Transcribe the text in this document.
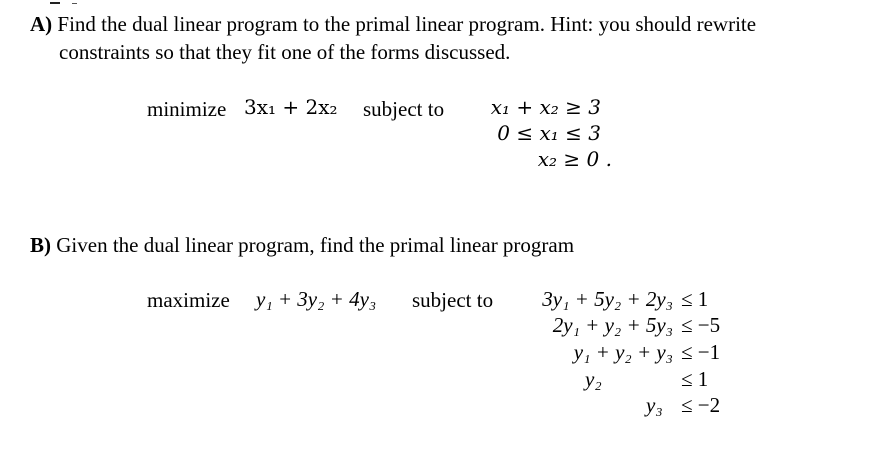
A) Find the dual linear program to the primal linear program. Hint: you should rewrite
constraints so that they fit one of the forms discussed.
minimize 3x₁ + 2x₂ subject to x₁ + x₂ ≥ 3
0 ≤ x₁ ≤ 3
x₂ ≥ 0 .
B) Given the dual linear program, find the primal linear program
maximize y₁ + 3y₂ + 4y₃ subject to 3y₁ + 5y₂ + 2y₃ ≤ 1
2y₁ + y₂ + 5y₃ ≤ −5
y₁ + y₂ + y₃ ≤ −1
y₂	≤ 1
y₃ ≤ −2
